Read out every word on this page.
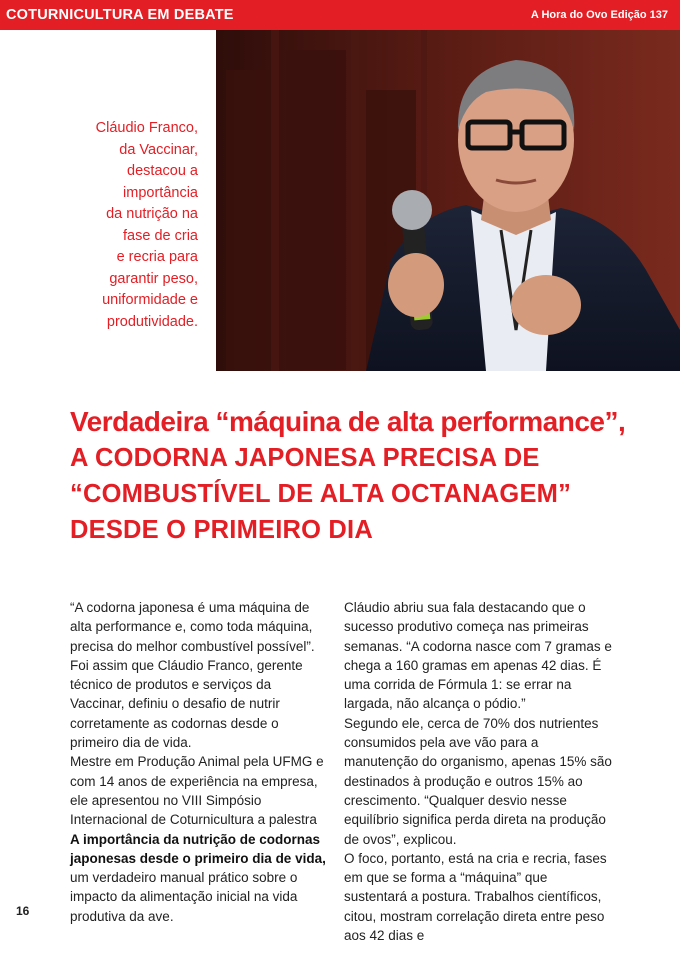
COTURNICULTURA EM DEBATE	A Hora do Ovo Edição 137
Cláudio Franco,
da Vaccinar,
destacou a
importância
da nutrição na
fase de cria
e recria para
garantir peso,
uniformidade e
produtividade.
Verdadeira “máquina de alta performance”,
A CODORNA JAPONESA PRECISA DE
“COMBUSTÍVEL DE ALTA OCTANAGEM”
DESDE O PRIMEIRO DIA

“A codorna japonesa é uma máquina de alta performance e, como toda máquina, precisa do melhor combustível possível”. Foi assim que Cláudio Franco, gerente técnico de produtos e serviços da Vaccinar, definiu o desafio de nutrir corretamente as codornas desde o primeiro dia de vida.

Mestre em Produção Animal pela UFMG e com 14 anos de experiência na empresa, ele apresentou no VIII Simpósio Internacional de Coturnicultura a palestra A importância da nutrição de codornas japonesas desde o primeiro dia de vida, um verdadeiro manual prático sobre o impacto da alimentação inicial na vida produtiva da ave.

Cláudio abriu sua fala destacando que o sucesso produtivo começa nas primeiras semanas. “A codorna nasce com 7 gramas e chega a 160 gramas em apenas 42 dias. É uma corrida de Fórmula 1: se errar na largada, não alcança o pódio.”

Segundo ele, cerca de 70% dos nutrientes consumidos pela ave vão para a manutenção do organismo, apenas 15% são destinados à produção e outros 15% ao crescimento. “Qualquer desvio nesse equilíbrio significa perda direta na produção de ovos”, explicou.

O foco, portanto, está na cria e recria, fases em que se forma a “máquina” que sustentará a postura. Trabalhos científicos, citou, mostram correlação direta entre peso aos 42 dias e

16
